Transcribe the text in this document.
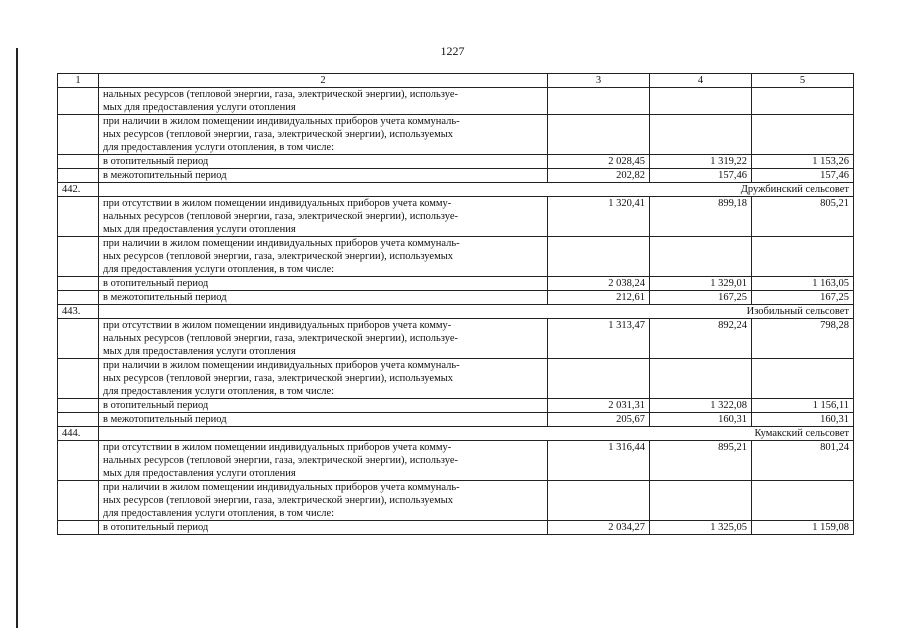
1227
1	2	3	4	5
	нальных ресурсов (тепловой энергии, газа, электрической энергии), используе-
мых для предоставления услуги отопления			
	при наличии в жилом помещении индивидуальных приборов учета коммуналь-
ных ресурсов (тепловой энергии, газа, электрической энергии), используемых
для предоставления услуги отопления, в том числе:			
	в отопительный период	2 028,45	1 319,22	1 153,26
	в межотопительный период	202,82	157,46	157,46
442.	Дружбинский сельсовет			
	при отсутствии в жилом помещении индивидуальных приборов учета комму-
нальных ресурсов (тепловой энергии, газа, электрической энергии), используе-
мых для предоставления услуги отопления	1 320,41	899,18	805,21
	при наличии в жилом помещении индивидуальных приборов учета коммуналь-
ных ресурсов (тепловой энергии, газа, электрической энергии), используемых
для предоставления услуги отопления, в том числе:			
	в отопительный период	2 038,24	1 329,01	1 163,05
	в межотопительный период	212,61	167,25	167,25
443.	Изобильный сельсовет			
	при отсутствии в жилом помещении индивидуальных приборов учета комму-
нальных ресурсов (тепловой энергии, газа, электрической энергии), используе-
мых для предоставления услуги отопления	1 313,47	892,24	798,28
	при наличии в жилом помещении индивидуальных приборов учета коммуналь-
ных ресурсов (тепловой энергии, газа, электрической энергии), используемых
для предоставления услуги отопления, в том числе:			
	в отопительный период	2 031,31	1 322,08	1 156,11
	в межотопительный период	205,67	160,31	160,31
444.	Кумакский сельсовет			
	при отсутствии в жилом помещении индивидуальных приборов учета комму-
нальных ресурсов (тепловой энергии, газа, электрической энергии), используе-
мых для предоставления услуги отопления	1 316,44	895,21	801,24
	при наличии в жилом помещении индивидуальных приборов учета коммуналь-
ных ресурсов (тепловой энергии, газа, электрической энергии), используемых
для предоставления услуги отопления, в том числе:			
	в отопительный период	2 034,27	1 325,05	1 159,08
